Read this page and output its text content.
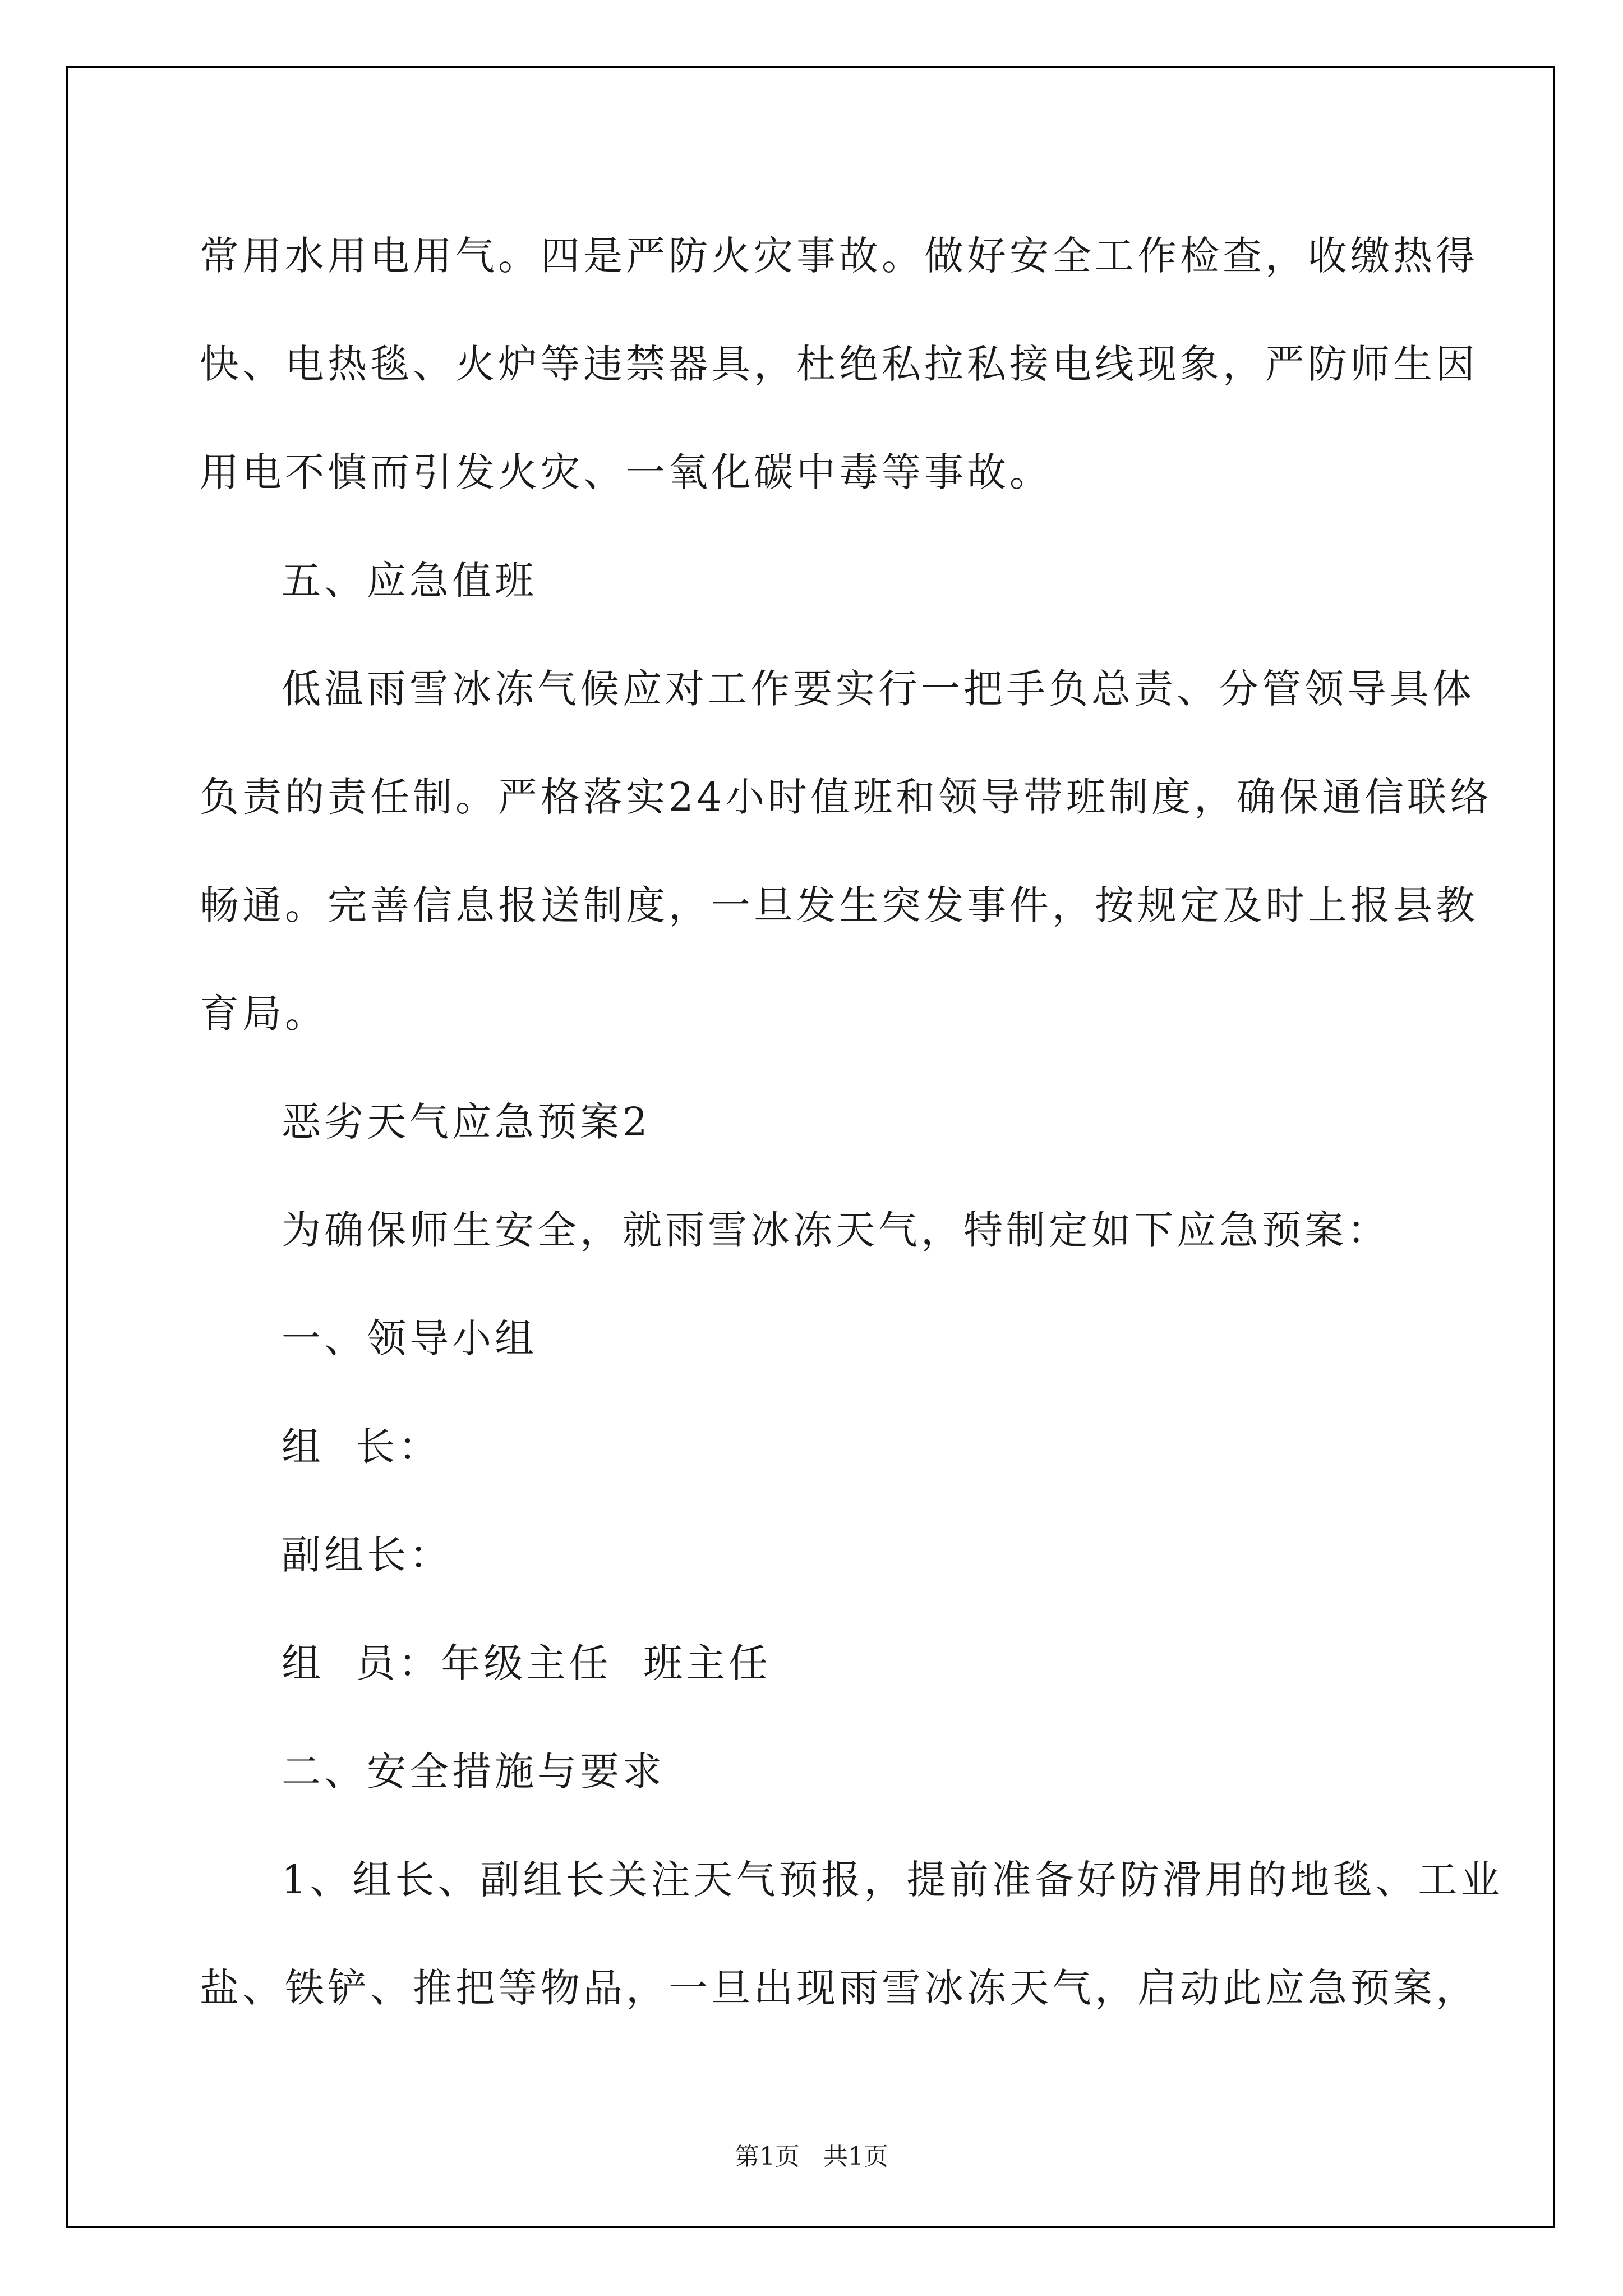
常用水用电用气。四是严防火灾事故。做好安全工作检查，收缴热得
快、电热毯、火炉等违禁器具，杜绝私拉私接电线现象，严防师生因
用电不慎而引发火灾、一氧化碳中毒等事故。

五、应急值班

低温雨雪冰冻气候应对工作要实行一把手负总责、分管领导具体
负责的责任制。严格落实24小时值班和领导带班制度，确保通信联络
畅通。完善信息报送制度，一旦发生突发事件，按规定及时上报县教
育局。

恶劣天气应急预案2

为确保师生安全，就雨雪冰冻天气，特制定如下应急预案：

一、领导小组

组  长：

副组长：

组  员：年级主任  班主任

二、安全措施与要求

1、组长、副组长关注天气预报，提前准备好防滑用的地毯、工业
盐、铁铲、推把等物品，一旦出现雨雪冰冻天气，启动此应急预案，

第1页   共1页
